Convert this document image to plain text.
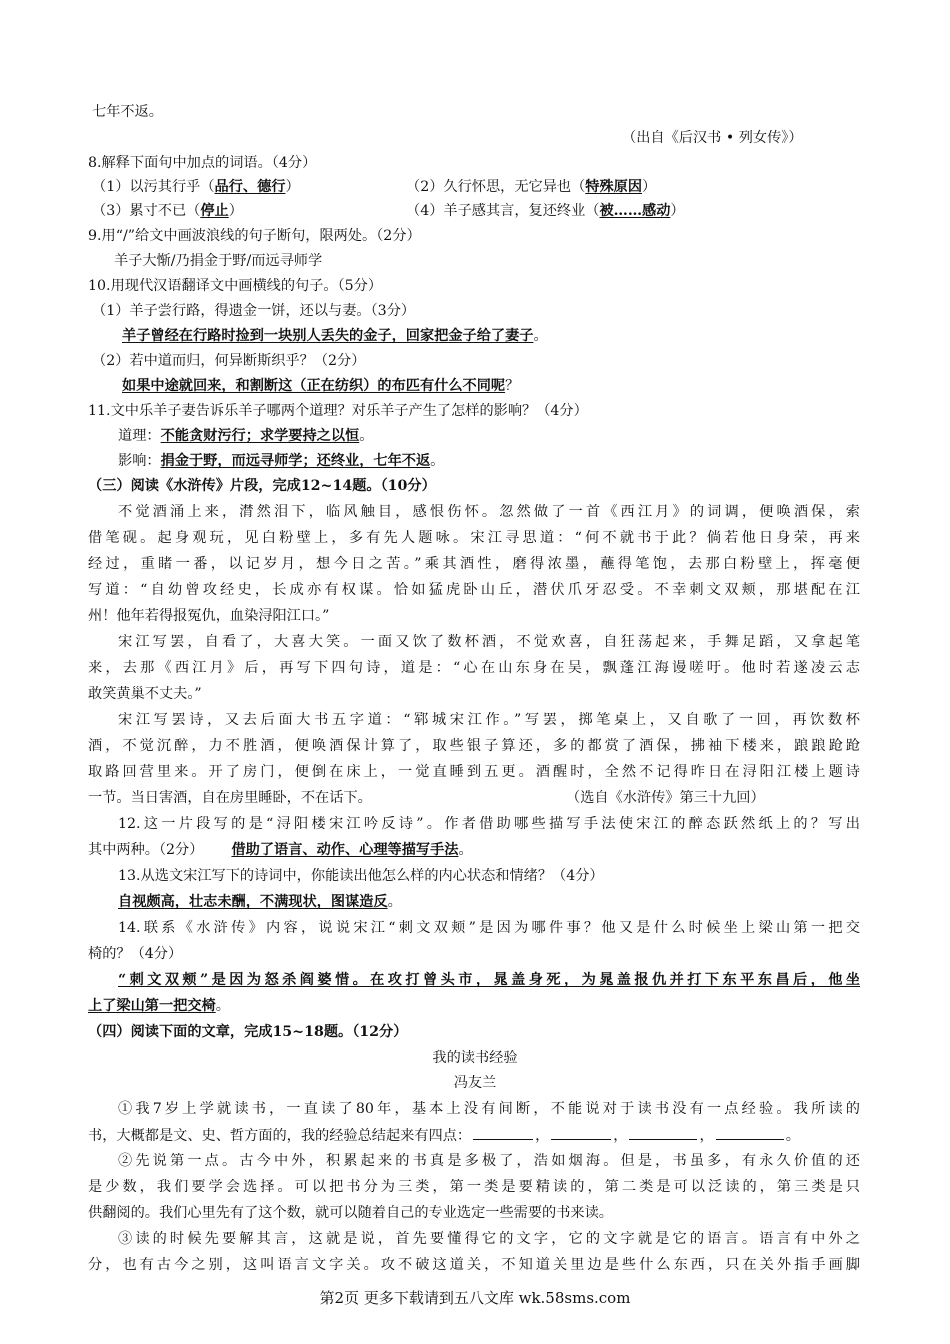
七年不返。
（出自《后汉书 • 列女传》）
8.解释下面句中加点的词语。（4分）
（1）以污其行乎（品行、德行）	（2）久行怀思，无它异也（特殊原因）
（3）累寸不已（停止）	（4）羊子感其言，复还终业（被……感动）
9.用“/”给文中画波浪线的句子断句，限两处。（2分）
羊子大惭/乃捐金于野/而远寻师学
10.用现代汉语翻译文中画横线的句子。（5分）
（1）羊子尝行路，得遗金一饼，还以与妻。（3分）
羊子曾经在行路时捡到一块别人丢失的金子，回家把金子给了妻子。
（2）若中道而归，何异断斯织乎？（2分）
如果中途就回来，和割断这（正在纺织）的布匹有什么不同呢？
11.文中乐羊子妻告诉乐羊子哪两个道理？对乐羊子产生了怎样的影响？（4分）
道理：不能贪财污行；求学要持之以恒。
影响：捐金于野，而远寻师学；还终业，七年不返。
（三）阅读《水浒传》片段，完成12~14题。（10分）
不觉酒涌上来，潸然泪下，临风触目，感恨伤怀。忽然做了一首《西江月》的词调，便唤酒保，索
借笔砚。起身观玩，见白粉壁上，多有先人题咏。宋江寻思道：“何不就书于此？倘若他日身荣，再来
经过，重睹一番，以记岁月，想今日之苦。”乘其酒性，磨得浓墨，蘸得笔饱，去那白粉壁上，挥毫便
写道：“自幼曾攻经史，长成亦有权谋。恰如猛虎卧山丘，潜伏爪牙忍受。不幸刺文双颊，那堪配在江
州！他年若得报冤仇，血染浔阳江口。”
宋江写罢，自看了，大喜大笑。一面又饮了数杯酒，不觉欢喜，自狂荡起来，手舞足蹈，又拿起笔
来，去那《西江月》后，再写下四句诗，道是：“心在山东身在吴，飘蓬江海谩嗟吁。他时若遂凌云志
敢笑黄巢不丈夫。”
宋江写罢诗，又去后面大书五字道：“郓城宋江作。”写罢，掷笔桌上，又自歌了一回，再饮数杯
酒，不觉沉醉，力不胜酒，便唤酒保计算了，取些银子算还，多的都赏了酒保，拂袖下楼来，踉踉跄跄
取路回营里来。开了房门，便倒在床上，一觉直睡到五更。酒醒时，全然不记得昨日在浔阳江楼上题诗
一节。当日害酒，自在房里睡卧，不在话下。	（选自《水浒传》第三十九回）
12.这一片段写的是“浔阳楼宋江吟反诗”。作者借助哪些描写手法使宋江的醉态跃然纸上的？写出
其中两种。（2分） 借助了语言、动作、心理等描写手法。
13.从选文宋江写下的诗词中，你能读出他怎么样的内心状态和情绪？（4分）
自视颇高，壮志未酬，不满现状，图谋造反。
14.联系《水浒传》内容，说说宋江“刺文双颊”是因为哪件事？他又是什么时候坐上梁山第一把交
椅的？（4分）
“刺文双颊”是因为怒杀阎婆惜。在攻打曾头市，晁盖身死，为晁盖报仇并打下东平东昌后，他坐
上了梁山第一把交椅。
（四）阅读下面的文章，完成15~18题。（12分）
我的读书经验
冯友兰
①我7岁上学就读书，一直读了80年，基本上没有间断，不能说对于读书没有一点经验。我所读的
书，大概都是文、史、哲方面的，我的经验总结起来有四点：	，	，	，	。
②先说第一点。古今中外，积累起来的书真是多极了，浩如烟海。但是，书虽多，有永久价值的还
是少数，我们要学会选择。可以把书分为三类，第一类是要精读的，第二类是可以泛读的，第三类是只
供翻阅的。我们心里先有了这个数，就可以随着自己的专业选定一些需要的书来读。
③读的时候先要解其言，这就是说，首先要懂得它的文字，它的文字就是它的语言。语言有中外之
分，也有古今之别，这叫语言文字关。攻不破这道关，不知道关里边是些什么东西，只在关外指手画脚
第2页 更多下载请到五八文库 wk.58sms.com
